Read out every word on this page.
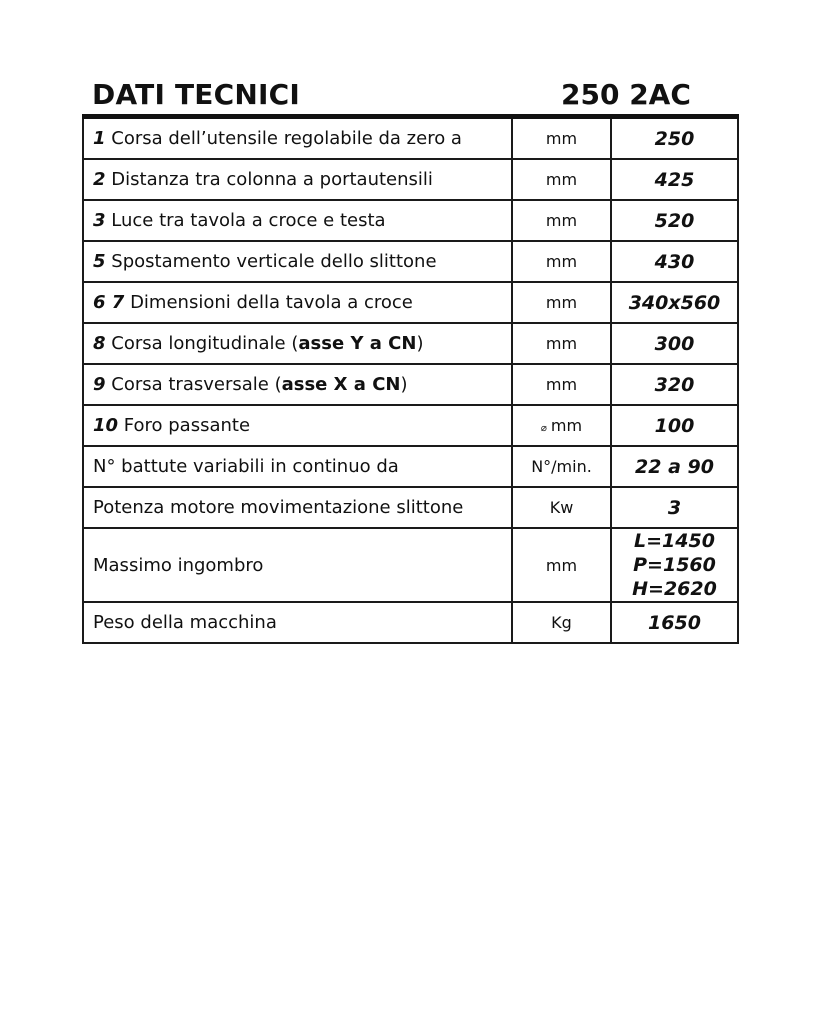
DATI TECNICI	250 2AC
1 Corsa dell’utensile regolabile da zero a	mm	250
2 Distanza tra colonna a portautensili	mm	425
3 Luce tra tavola a croce e testa	mm	520
5 Spostamento verticale dello slittone	mm	430
6 7 Dimensioni della tavola a croce	mm	340x560
8 Corsa longitudinale (asse Y a CN)	mm	300
9 Corsa trasversale (asse X a CN)	mm	320
10 Foro passante	⌀ mm	100
N° battute variabili in continuo da	N°/min.	22 a 90
Potenza motore movimentazione slittone	Kw	3
Massimo ingombro	mm	L=1450
P=1560
H=2620

Peso della macchina	Kg	1650
